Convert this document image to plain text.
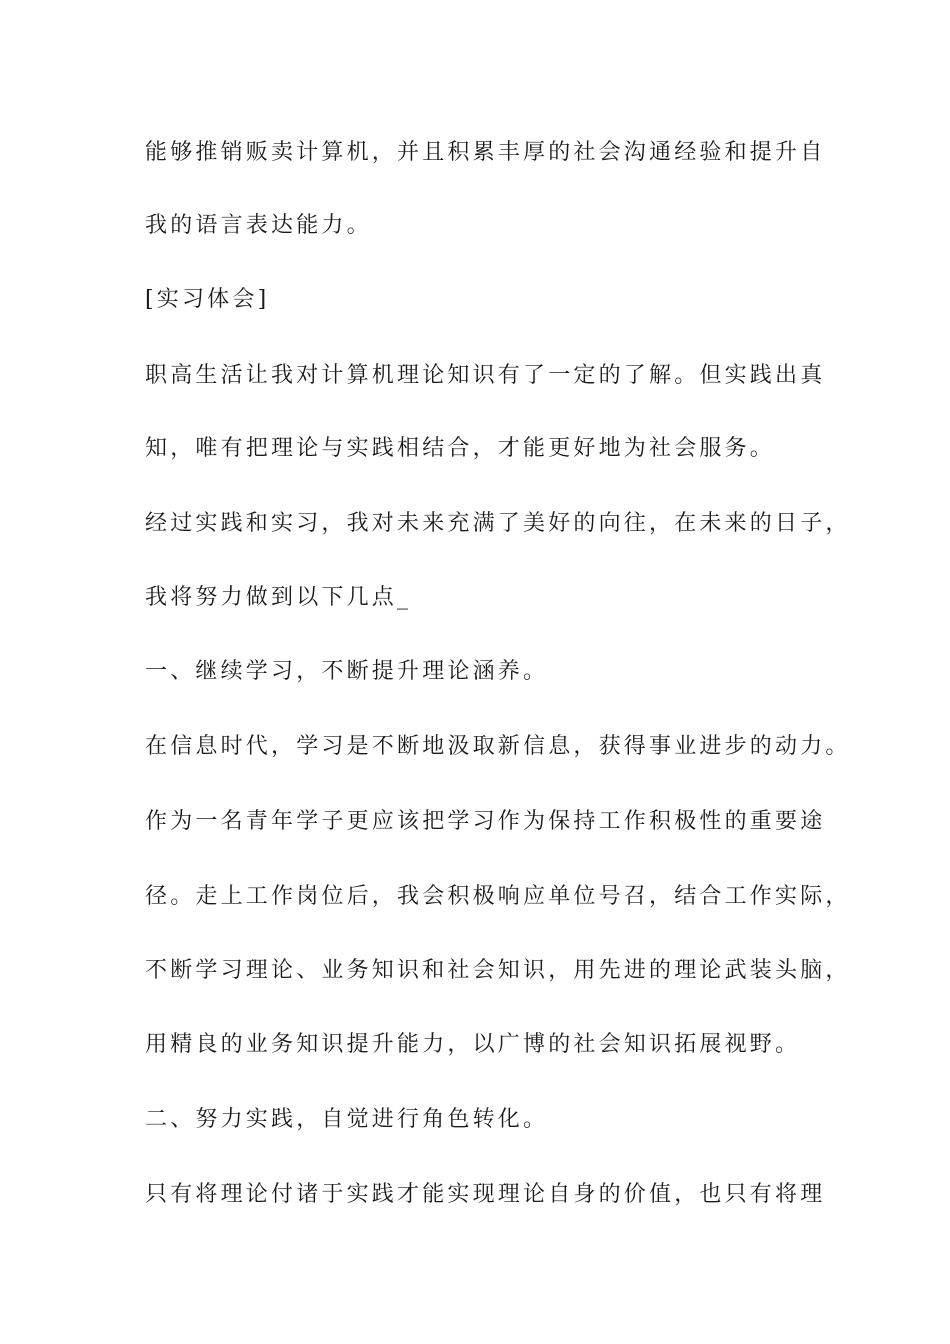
能够推销贩卖计算机，并且积累丰厚的社会沟通经验和提升自
我的语言表达能力。
[实习体会]
职高生活让我对计算机理论知识有了一定的了解。但实践出真
知，唯有把理论与实践相结合，才能更好地为社会服务。
经过实践和实习，我对未来充满了美好的向往，在未来的日子，
我将努力做到以下几点_
一、继续学习，不断提升理论涵养。
在信息时代，学习是不断地汲取新信息，获得事业进步的动力。
作为一名青年学子更应该把学习作为保持工作积极性的重要途
径。走上工作岗位后，我会积极响应单位号召，结合工作实际，
不断学习理论、业务知识和社会知识，用先进的理论武装头脑，
用精良的业务知识提升能力，以广博的社会知识拓展视野。
二、努力实践，自觉进行角色转化。
只有将理论付诸于实践才能实现理论自身的价值，也只有将理
